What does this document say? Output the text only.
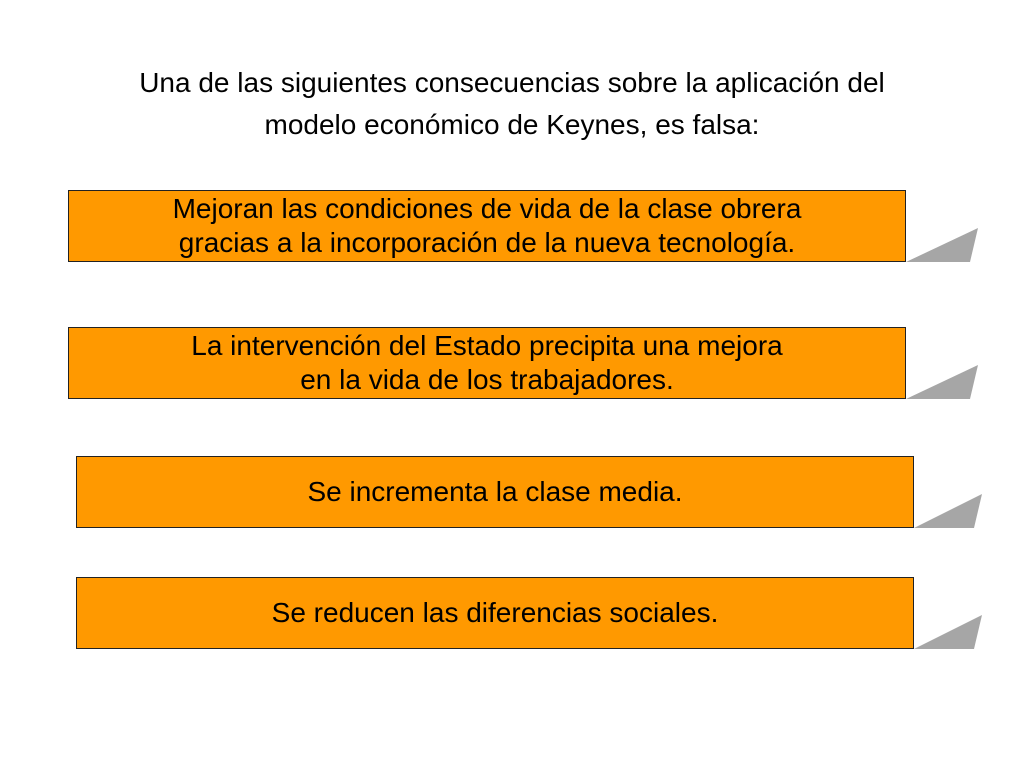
Una de las siguientes consecuencias sobre la aplicación del
modelo económico de Keynes, es falsa:
Mejoran las condiciones de vida de la clase obrera
gracias a la incorporación de la nueva tecnología.
La intervención del Estado precipita una mejora
en la vida de los trabajadores.
Se incrementa la clase media.
Se reducen las diferencias sociales.
